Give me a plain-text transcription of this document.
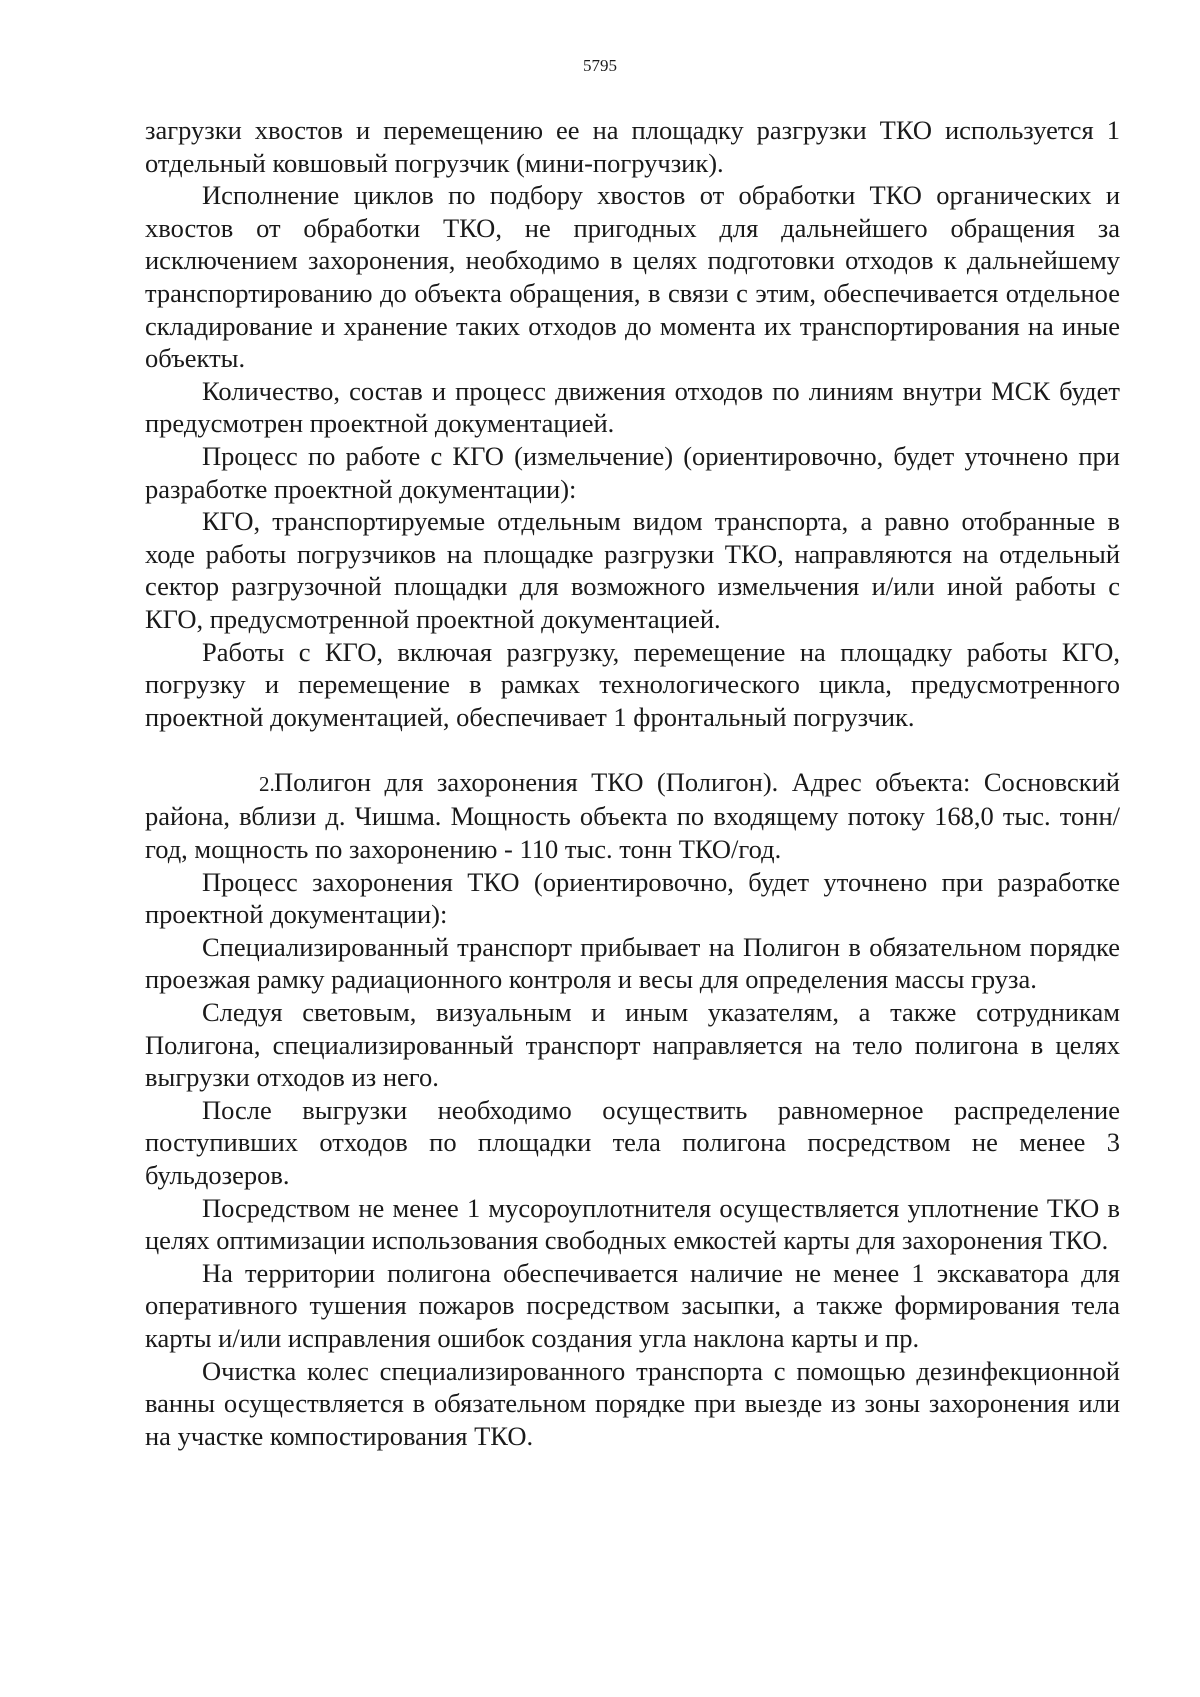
5795

загрузки хвостов и перемещению ее на площадку разгрузки ТКО используется 1 отдельный ковшовый погрузчик (мини-погручзик).

Исполнение циклов по подбору хвостов от обработки ТКО органических и хвостов от обработки ТКО, не пригодных для дальнейшего обращения за исключением захоронения, необходимо в целях подготовки отходов к дальнейшему транспортированию до объекта обращения, в связи с этим, обеспечивается отдельное складирование и хранение таких отходов до момента их транспортирования на иные объекты.

Количество, состав и процесс движения отходов по линиям внутри МСК будет предусмотрен проектной документацией.

Процесс по работе с КГО (измельчение) (ориентировочно, будет уточнено при разработке проектной документации):

КГО, транспортируемые отдельным видом транспорта, а равно отобранные в ходе работы погрузчиков на площадке разгрузки ТКО, направляются на отдельный сектор разгрузочной площадки для возможного измельчения и/или иной работы с КГО, предусмотренной проектной документацией.

Работы с КГО, включая разгрузку, перемещение на площадку работы КГО, погрузку и перемещение в рамках технологического цикла, предусмотренного проектной документацией, обеспечивает 1 фронтальный погрузчик.

2.Полигон для захоронения ТКО (Полигон). Адрес объекта: Сосновский района, вблизи д. Чишма. Мощность объекта по входящему потоку 168,0 тыс. тонн/год, мощность по захоронению - 110 тыс. тонн ТКО/год.

Процесс захоронения ТКО (ориентировочно, будет уточнено при разработке проектной документации):

Специализированный транспорт прибывает на Полигон в обязательном порядке проезжая рамку радиационного контроля и весы для определения массы груза.

Следуя световым, визуальным и иным указателям, а также сотрудникам Полигона, специализированный транспорт направляется на тело полигона в целях выгрузки отходов из него.

После выгрузки необходимо осуществить равномерное распределение поступивших отходов по площадки тела полигона посредством не менее 3 бульдозеров.

Посредством не менее 1 мусороуплотнителя осуществляется уплотнение ТКО в целях оптимизации использования свободных емкостей карты для захоронения ТКО.

На территории полигона обеспечивается наличие не менее 1 экскаватора для оперативного тушения пожаров посредством засыпки, а также формирования тела карты и/или исправления ошибок создания угла наклона карты и пр.

Очистка колес специализированного транспорта с помощью дезинфекционной ванны осуществляется в обязательном порядке при выезде из зоны захоронения или на участке компостирования ТКО.
